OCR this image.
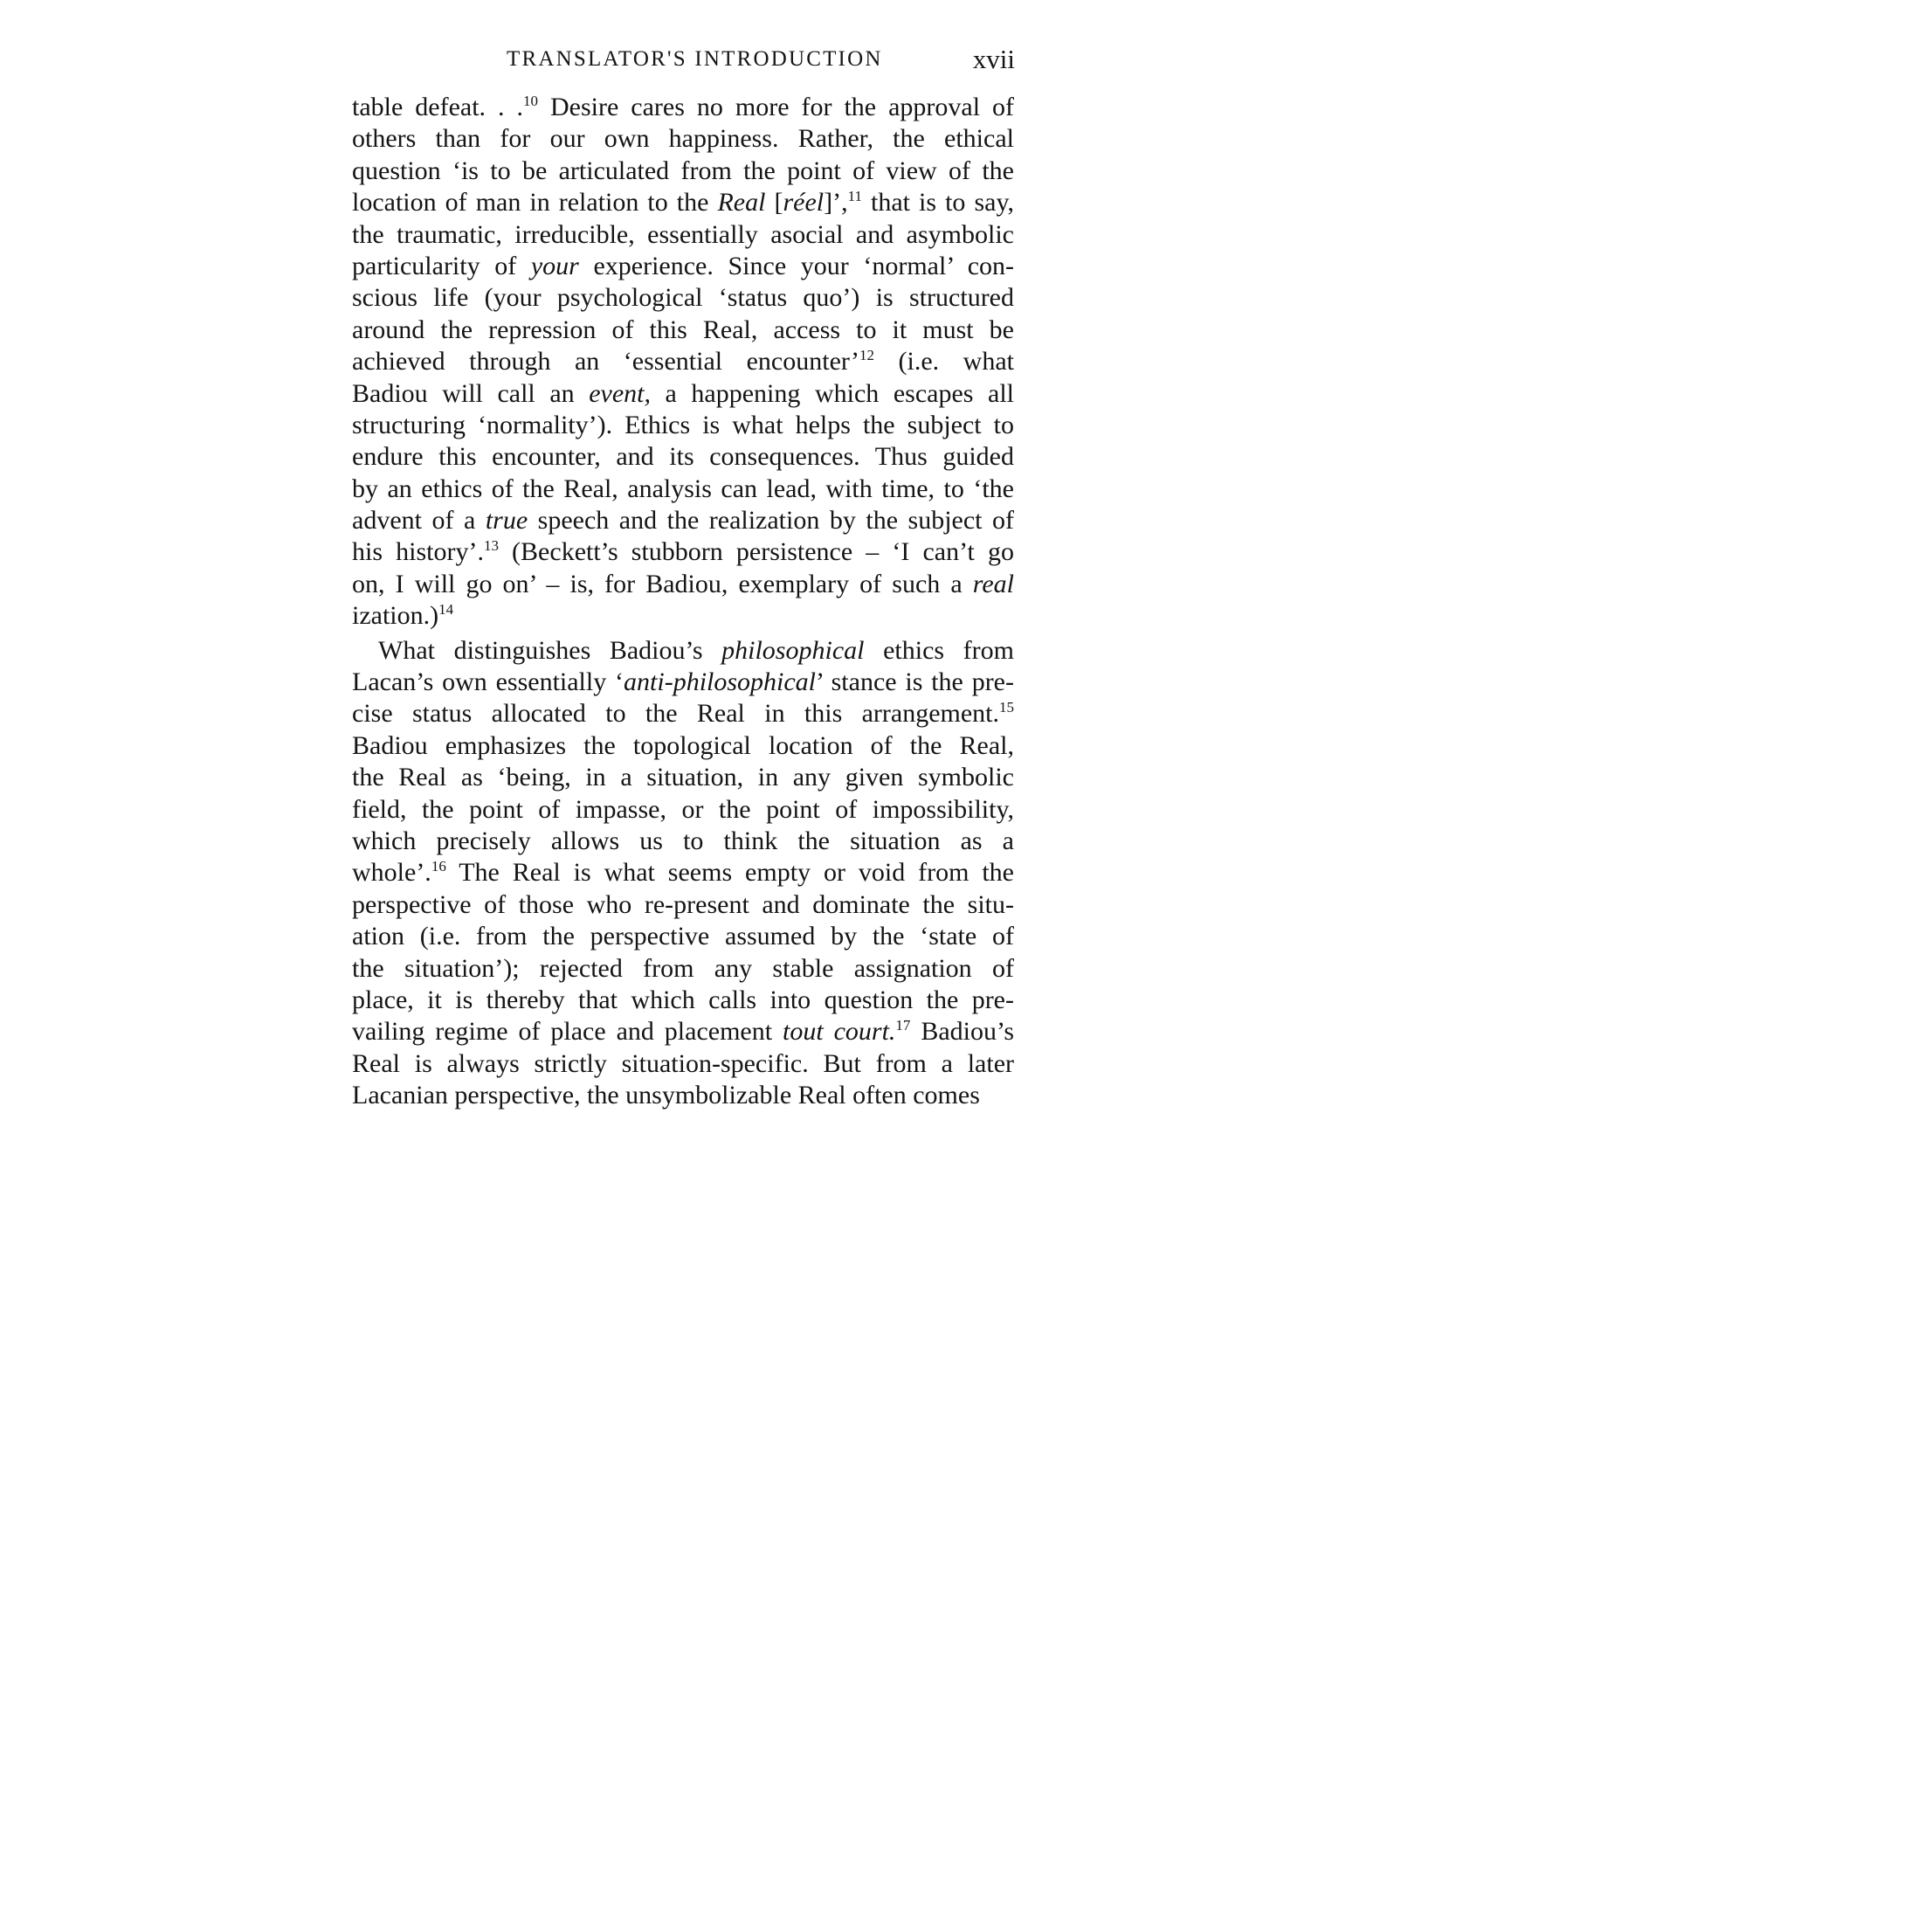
TRANSLATOR'S INTRODUCTION	xvii
table defeat. . .$^{10}$ Desire cares no more for the approval of
others than for our own happiness. Rather, the ethical
question ‘is to be articulated from the point of view of the
location of man in relation to the Real [réel]’,$^{11}$ that is to say,
the traumatic, irreducible, essentially asocial and asymbolic
particularity of your experience. Since your ‘normal’ con-
scious life (your psychological ‘status quo’) is structured
around the repression of this Real, access to it must be
achieved through an ‘essential encounter’$^{12}$ (i.e. what
Badiou will call an event, a happening which escapes all
structuring ‘normality’). Ethics is what helps the subject to
endure this encounter, and its consequences. Thus guided
by an ethics of the Real, analysis can lead, with time, to ‘the
advent of a true speech and the realization by the subject of
his history’.$^{13}$ (Beckett’s stubborn persistence – ‘I can’t go
on, I will go on’ – is, for Badiou, exemplary of such a real
ization.)$^{14}$
What distinguishes Badiou’s philosophical ethics from
Lacan’s own essentially ‘anti-philosophical’ stance is the pre-
cise status allocated to the Real in this arrangement.$^{15}$
Badiou emphasizes the topological location of the Real,
the Real as ‘being, in a situation, in any given symbolic
field, the point of impasse, or the point of impossibility,
which precisely allows us to think the situation as a
whole’.$^{16}$ The Real is what seems empty or void from the
perspective of those who re-present and dominate the situ-
ation (i.e. from the perspective assumed by the ‘state of
the situation’); rejected from any stable assignation of
place, it is thereby that which calls into question the pre-
vailing regime of place and placement tout court.$^{17}$ Badiou’s
Real is always strictly situation-specific. But from a later
Lacanian perspective, the unsymbolizable Real often comes
